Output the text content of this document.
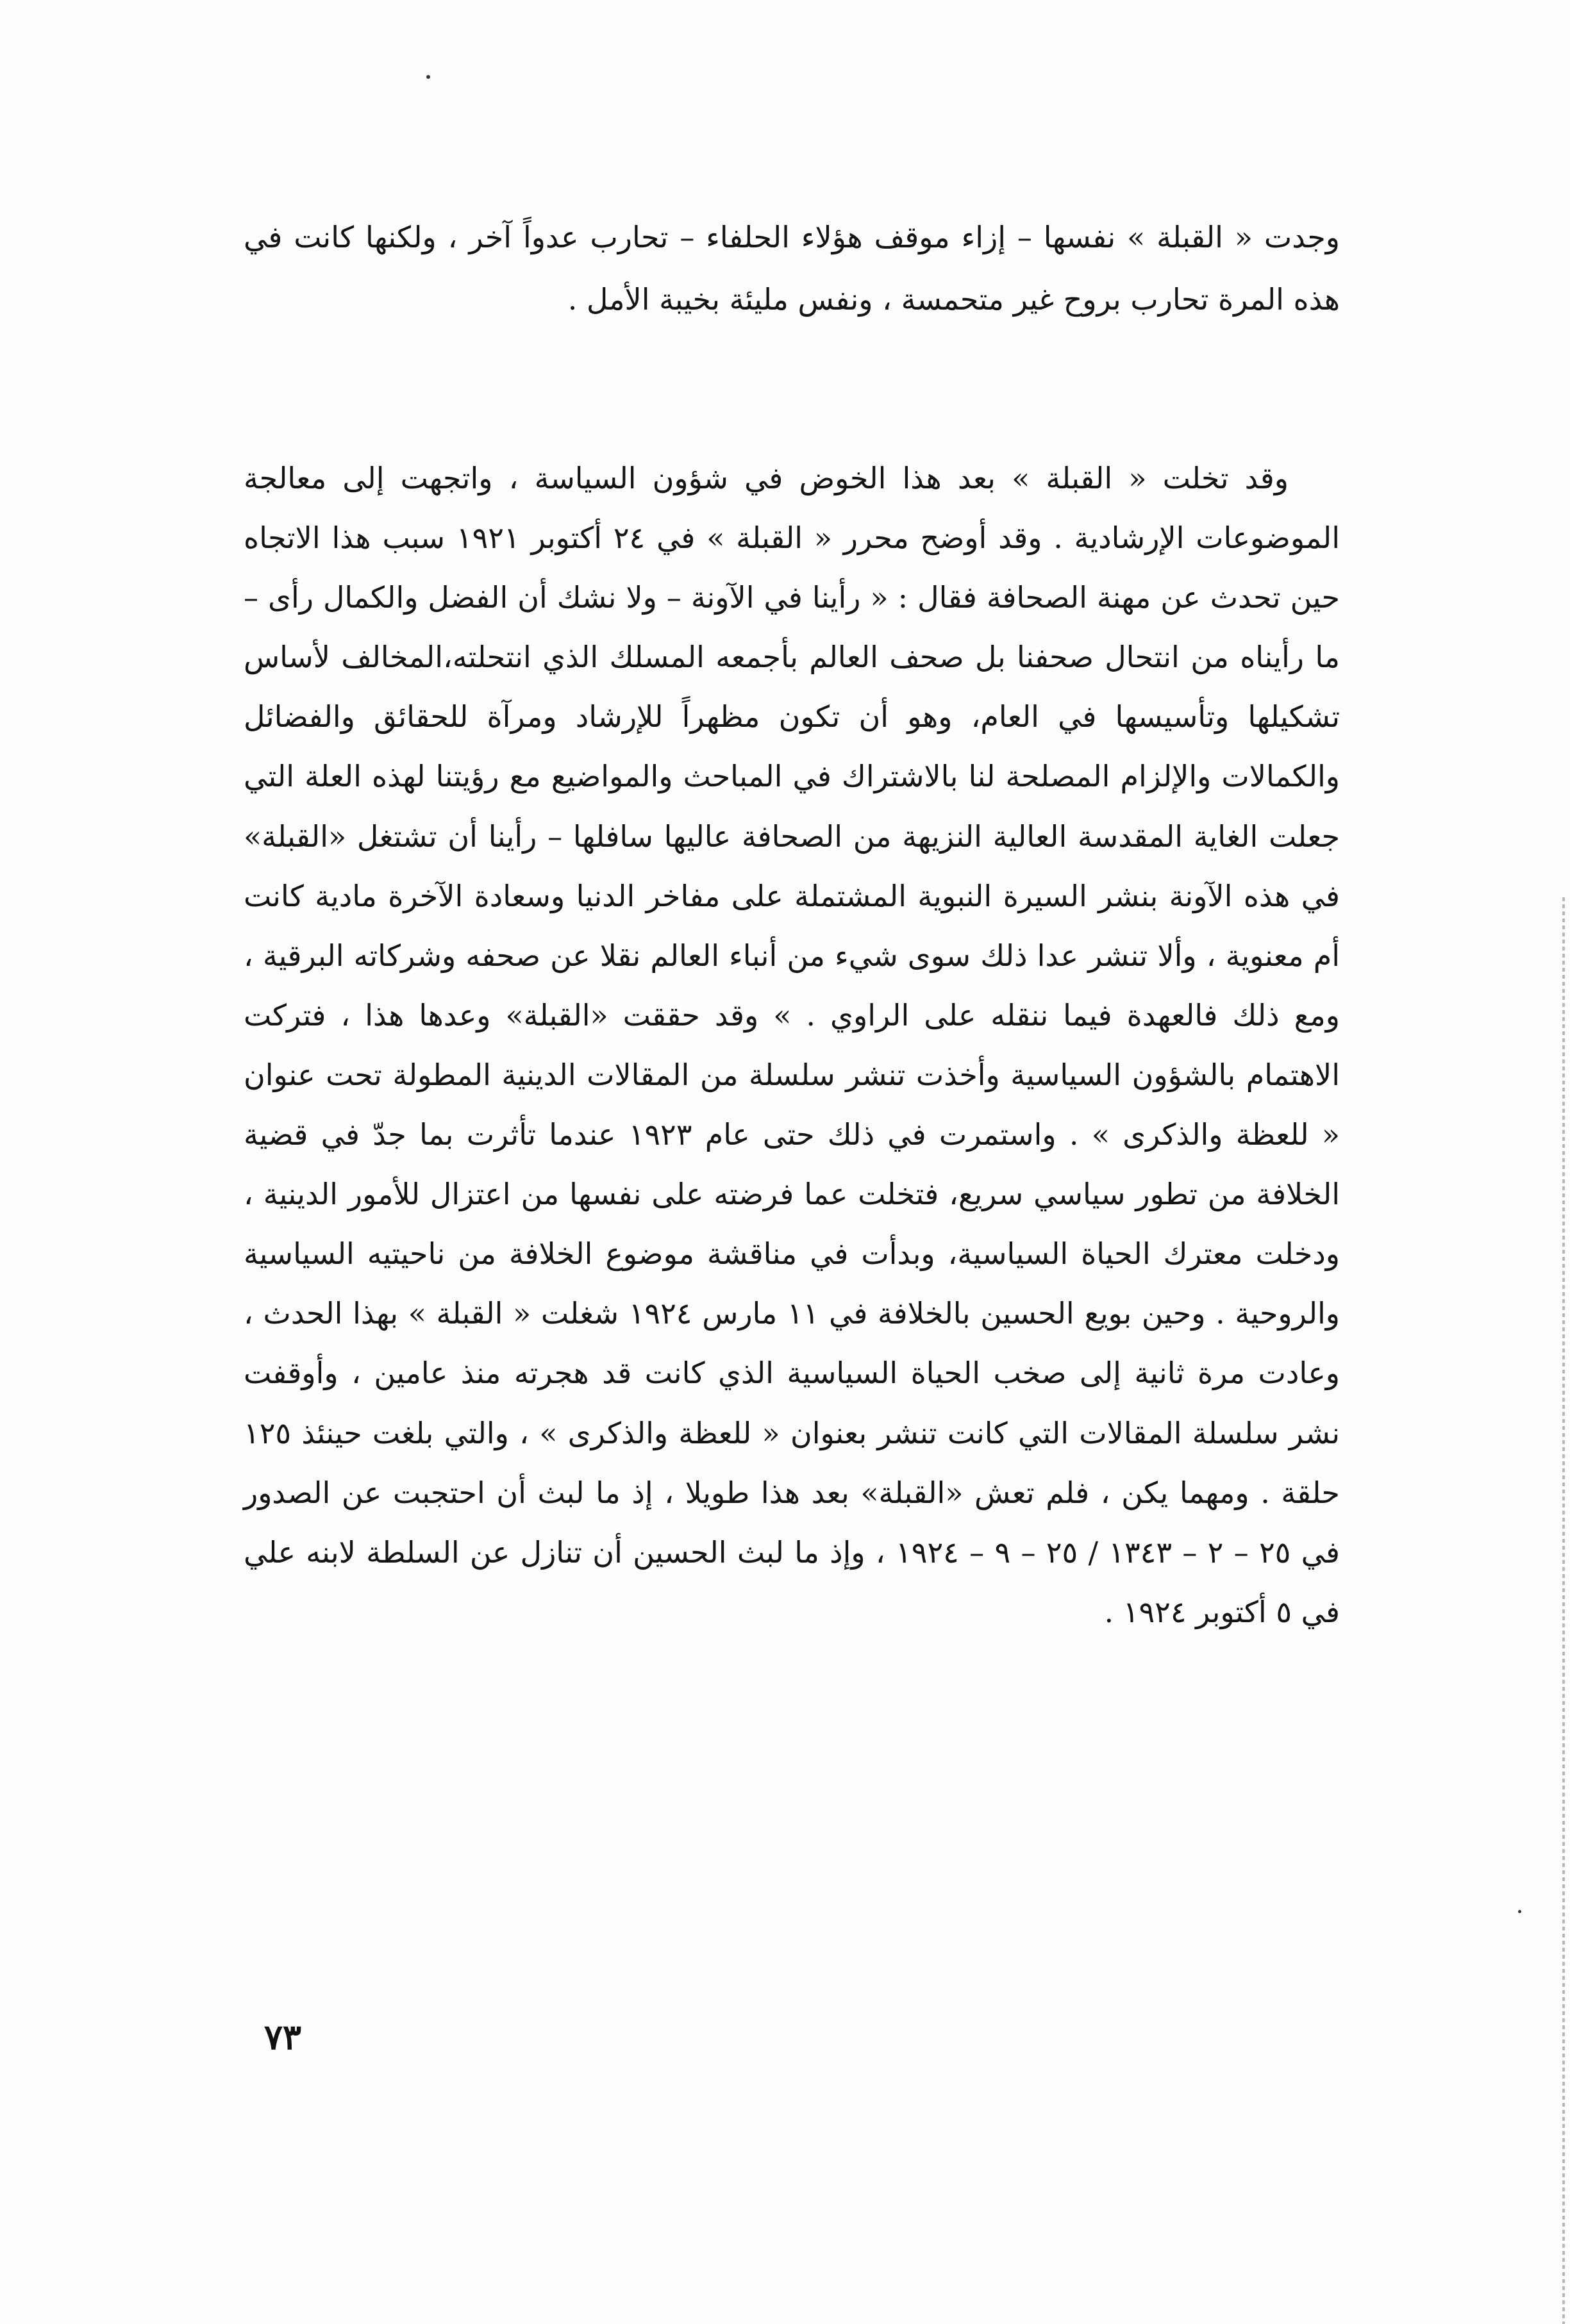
وجدت « القبلة » نفسها – إزاء موقف هؤلاء الحلفاء – تحارب عدواً آخر ، ولكنها كانت في هذه المرة تحارب بروح غير متحمسة ، ونفس مليئة بخيبة الأمل .

وقد تخلت « القبلة » بعد هذا الخوض في شؤون السياسة ، واتجهت إلى معالجة الموضوعات الإرشادية . وقد أوضح محرر « القبلة » في ٢٤ أكتوبر ١٩٢١ سبب هذا الاتجاه حين تحدث عن مهنة الصحافة فقال : « رأينا في الآونة – ولا نشك أن الفضل والكمال رأى – ما رأيناه من انتحال صحفنا بل صحف العالم بأجمعه المسلك الذي انتحلته،المخالف لأساس تشكيلها وتأسيسها في العام، وهو أن تكون مظهراً للإرشاد ومرآة للحقائق والفضائل والكمالات والإلزام المصلحة لنا بالاشتراك في المباحث والمواضيع مع رؤيتنا لهذه العلة التي جعلت الغاية المقدسة العالية النزيهة من الصحافة عاليها سافلها – رأينا أن تشتغل «القبلة» في هذه الآونة بنشر السيرة النبوية المشتملة على مفاخر الدنيا وسعادة الآخرة مادية كانت أم معنوية ، وألا تنشر عدا ذلك سوى شيء من أنباء العالم نقلا عن صحفه وشركاته البرقية ، ومع ذلك فالعهدة فيما ننقله على الراوي . » وقد حققت «القبلة» وعدها هذا ، فتركت الاهتمام بالشؤون السياسية وأخذت تنشر سلسلة من المقالات الدينية المطولة تحت عنوان « للعظة والذكرى » . واستمرت في ذلك حتى عام ١٩٢٣ عندما تأثرت بما جدّ في قضية الخلافة من تطور سياسي سريع، فتخلت عما فرضته على نفسها من اعتزال للأمور الدينية ، ودخلت معترك الحياة السياسية، وبدأت في مناقشة موضوع الخلافة من ناحيتيه السياسية والروحية . وحين بويع الحسين بالخلافة في ١١ مارس ١٩٢٤ شغلت « القبلة » بهذا الحدث ، وعادت مرة ثانية إلى صخب الحياة السياسية الذي كانت قد هجرته منذ عامين ، وأوقفت نشر سلسلة المقالات التي كانت تنشر بعنوان « للعظة والذكرى » ، والتي بلغت حينئذ ١٢٥ حلقة . ومهما يكن ، فلم تعش «القبلة» بعد هذا طويلا ، إذ ما لبث أن احتجبت عن الصدور في ٢٥ – ٢ – ١٣٤٣ / ٢٥ – ٩ – ١٩٢٤ ، وإذ ما لبث الحسين أن تنازل عن السلطة لابنه علي في ٥ أكتوبر ١٩٢٤ .

٧٣
